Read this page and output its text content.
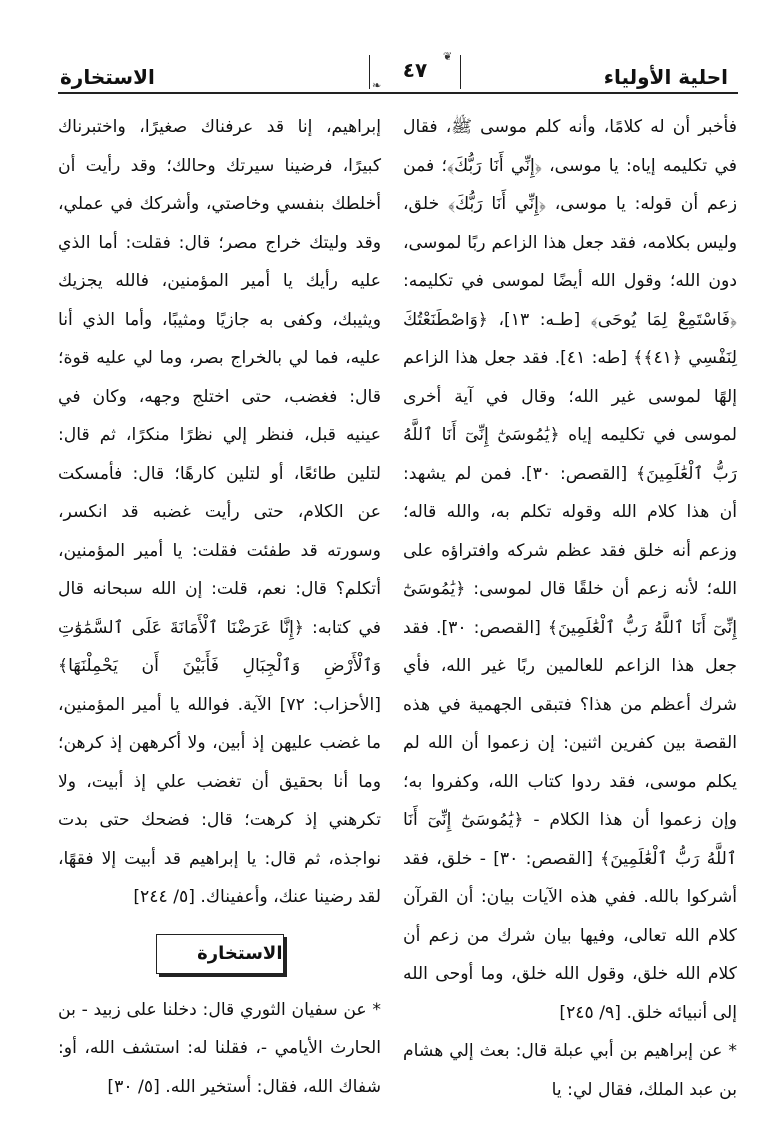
احلية الأولياء
❦
❧
٤٧
الاستخارة

فأخبر أن له كلامًا، وأنه كلم موسى ﷺ، فقال في تكليمه إياه: يا موسى، ﴿إِنِّي أَنَا رَبُّكَ﴾؛ فمن زعم أن قوله: يا موسى، ﴿إِنِّي أَنَا رَبُّكَ﴾ خلق، وليس بكلامه، فقد جعل هذا الزاعم ربًا لموسى، دون الله؛ وقول الله أيضًا لموسى في تكليمه: ﴿فَاسْتَمِعْ لِمَا يُوحَى﴾ [طـه: ١٣]، ﴿وَاصْطَنَعْتُكَ لِنَفْسِي ﴿٤١﴾﴾ [طه: ٤١]. فقد جعل هذا الزاعم إلهًا لموسى غير الله؛ وقال في آية أخرى لموسى في تكليمه إياه ﴿يَٰمُوسَىٰٓ إِنِّىٓ أَنَا ٱللَّهُ رَبُّ ٱلْعَٰلَمِينَ﴾ [القصص: ٣٠]. فمن لم يشهد: أن هذا كلام الله وقوله تكلم به، والله قاله؛ وزعم أنه خلق فقد عظم شركه وافتراؤه على الله؛ لأنه زعم أن خلقًا قال لموسى: ﴿يَٰمُوسَىٰٓ إِنِّىٓ أَنَا ٱللَّهُ رَبُّ ٱلْعَٰلَمِينَ﴾ [القصص: ٣٠]. فقد جعل هذا الزاعم للعالمين ربًا غير الله، فأي شرك أعظم من هذا؟ فتبقى الجهمية في هذه القصة بين كفرين اثنين: إن زعموا أن الله لم يكلم موسى، فقد ردوا كتاب الله، وكفروا به؛ وإن زعموا أن هذا الكلام - ﴿يَٰمُوسَىٰٓ إِنِّىٓ أَنَا ٱللَّهُ رَبُّ ٱلْعَٰلَمِينَ﴾ [القصص: ٣٠] - خلق، فقد أشركوا بالله. ففي هذه الآيات بيان: أن القرآن كلام الله تعالى، وفيها بيان شرك من زعم أن كلام الله خلق، وقول الله خلق، وما أوحى الله إلى أنبيائه خلق. [٩/ ٢٤٥]

* عن إبراهيم بن أبي عبلة قال: بعث إلي هشام بن عبد الملك، فقال لي: يا

إبراهيم، إنا قد عرفناك صغيرًا، واختبرناك كبيرًا، فرضينا سيرتك وحالك؛ وقد رأيت أن أخلطك بنفسي وخاصتي، وأشركك في عملي، وقد وليتك خراج مصر؛ قال: فقلت: أما الذي عليه رأيك يا أمير المؤمنين، فالله يجزيك ويثيبك، وكفى به جازيًا ومثيبًا، وأما الذي أنا عليه، فما لي بالخراج بصر، وما لي عليه قوة؛ قال: فغضب، حتى اختلج وجهه، وكان في عينيه قبل، فنظر إلي نظرًا منكرًا، ثم قال: لتلين طائعًا، أو لتلين كارهًا؛ قال: فأمسكت عن الكلام، حتى رأيت غضبه قد انكسر، وسورته قد طفئت فقلت: يا أمير المؤمنين، أتكلم؟ قال: نعم، قلت: إن الله سبحانه قال في كتابه: ﴿إِنَّا عَرَضْنَا ٱلْأَمَانَةَ عَلَى ٱلسَّمَٰوَٰتِ وَٱلْأَرْضِ وَٱلْجِبَالِ فَأَبَيْنَ أَن يَحْمِلْنَهَا﴾ [الأحزاب: ٧٢] الآية. فوالله يا أمير المؤمنين، ما غضب عليهن إذ أبين، ولا أكرههن إذ كرهن؛ وما أنا بحقيق أن تغضب علي إذ أبيت، ولا تكرهني إذ كرهت؛ قال: فضحك حتى بدت نواجذه، ثم قال: يا إبراهيم قد أبيت إلا فقهًا، لقد رضينا عنك، وأعفيناك. [٥/ ٢٤٤]

الاستخارة

* عن سفيان الثوري قال: دخلنا على زبيد - بن الحارث الأيامي -، فقلنا له: استشف الله، أو: شفاك الله، فقال: أستخير الله. [٥/ ٣٠]
